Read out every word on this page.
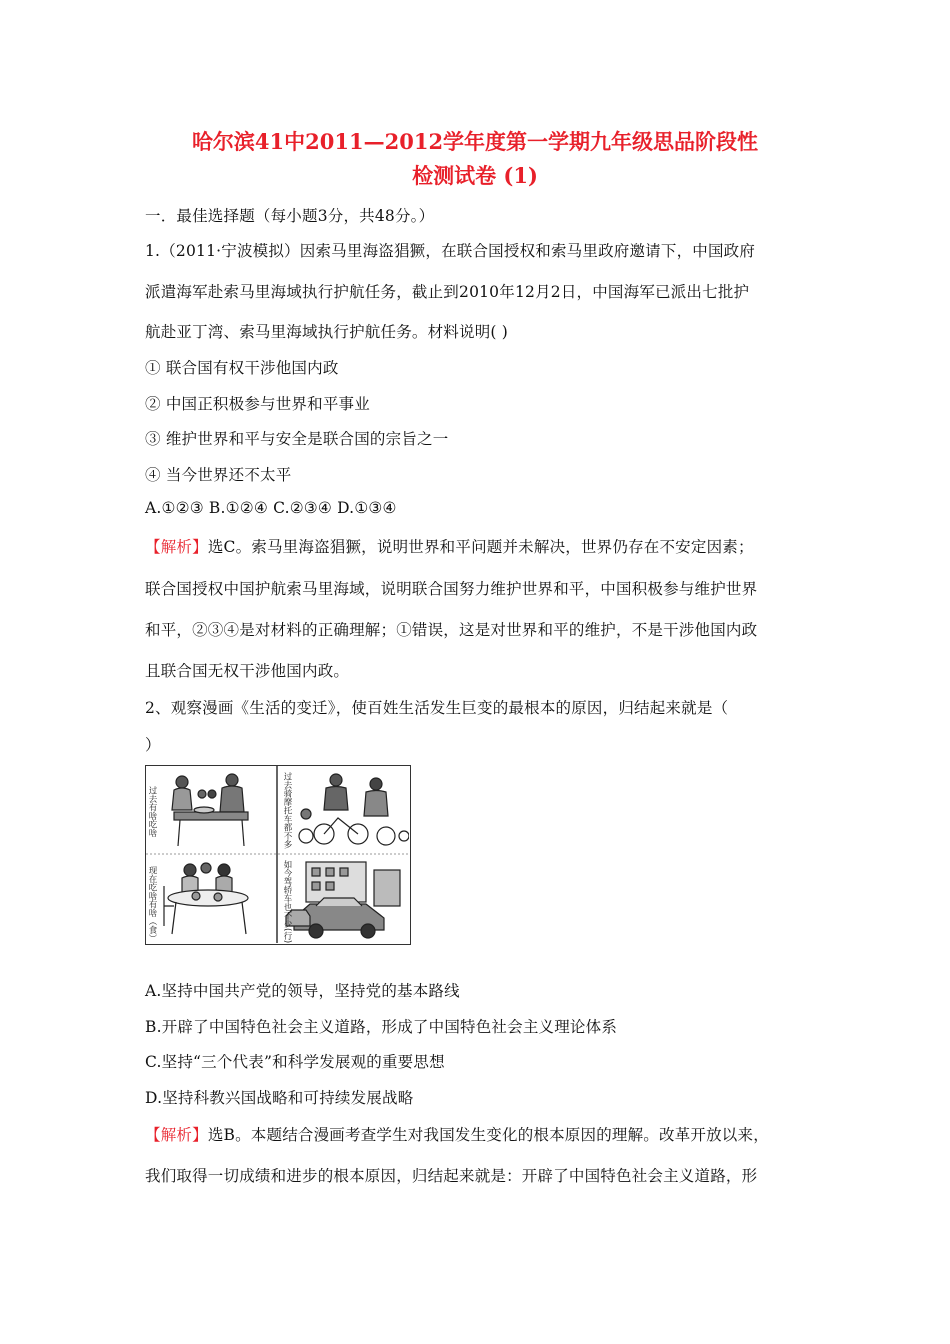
哈尔滨41中2011—2012学年度第一学期九年级思品阶段性
检测试卷 (1)
一．最佳选择题（每小题3分，共48分。）
1.（2011·宁波模拟）因索马里海盗猖獗，在联合国授权和索马里政府邀请下，中国政府
派遣海军赴索马里海域执行护航任务，截止到2010年12月2日，中国海军已派出七批护
航赴亚丁湾、索马里海域执行护航任务。材料说明( )
① 联合国有权干涉他国内政
② 中国正积极参与世界和平事业
③ 维护世界和平与安全是联合国的宗旨之一
④ 当今世界还不太平
A.①②③ B.①②④ C.②③④ D.①③④
【解析】选C。索马里海盗猖獗，说明世界和平问题并未解决，世界仍存在不安定因素；
联合国授权中国护航索马里海域，说明联合国努力维护世界和平，中国积极参与维护世界
和平，②③④是对材料的正确理解；①错误，这是对世界和平的维护，不是干涉他国内政
且联合国无权干涉他国内政。
2、观察漫画《生活的变迁》，使百姓生活发生巨变的最根本的原因，归结起来就是（
）
过去有啥吃啥
现在吃啥有啥（食）
过去骑摩托车都不多
如今驾轿车也不少(行)
A.坚持中国共产党的领导，坚持党的基本路线
B.开辟了中国特色社会主义道路，形成了中国特色社会主义理论体系
C.坚持“三个代表”和科学发展观的重要思想
D.坚持科教兴国战略和可持续发展战略
【解析】选B。本题结合漫画考查学生对我国发生变化的根本原因的理解。改革开放以来，
我们取得一切成绩和进步的根本原因，归结起来就是：开辟了中国特色社会主义道路，形
